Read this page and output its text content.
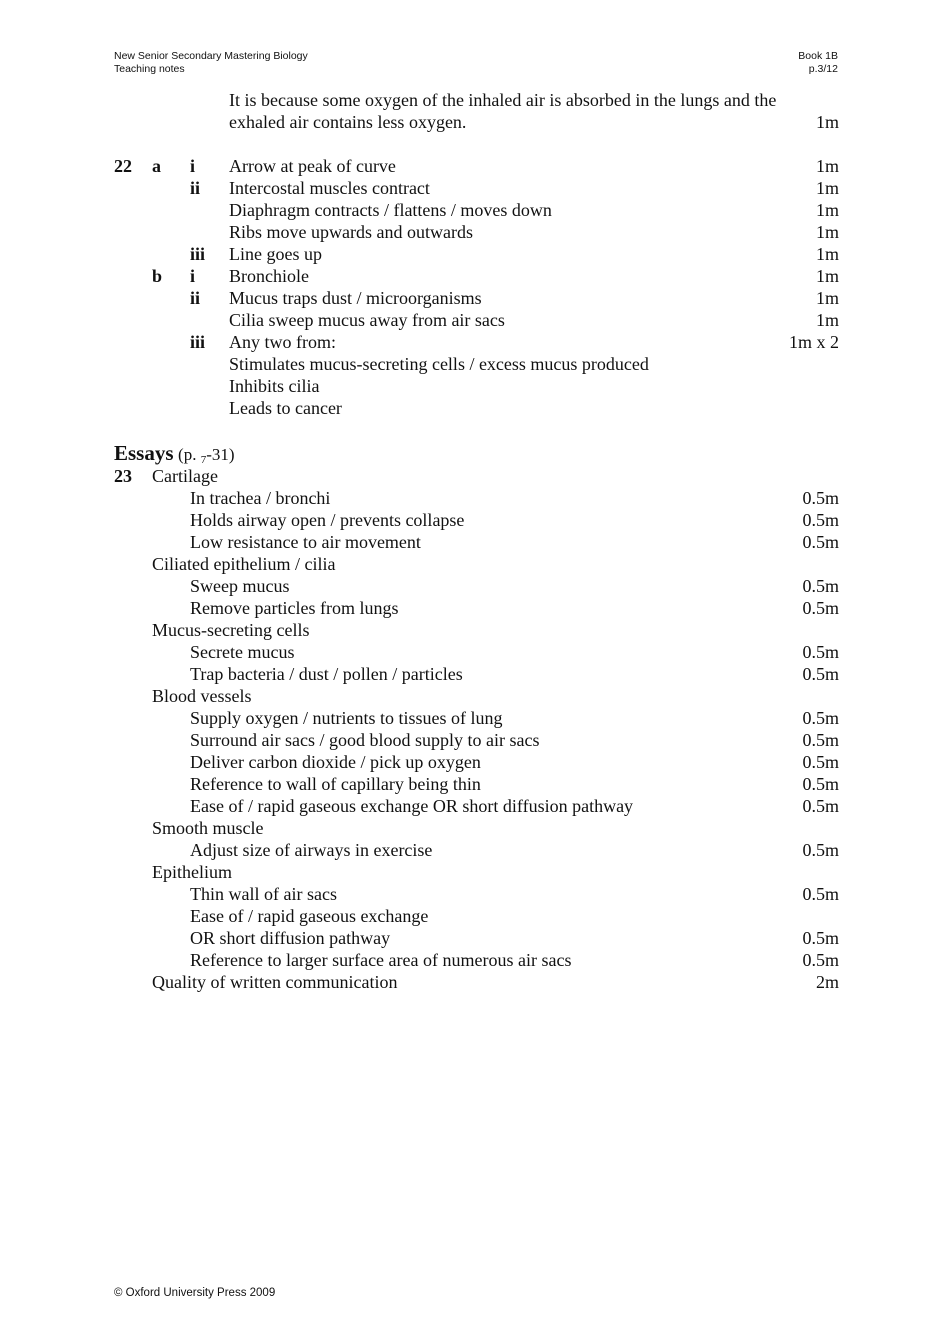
New Senior Secondary Mastering Biology
Teaching notes
Book 1B
p.3/12
It is because some oxygen of the inhaled air is absorbed in the lungs and the
exhaled air contains less oxygen.	1m
22 a i Arrow at peak of curve	1m
ii Intercostal muscles contract	1m
Diaphragm contracts / flattens / moves down	1m
Ribs move upwards and outwards	1m
iii Line goes up	1m
b i Bronchiole	1m
ii Mucus traps dust / microorganisms	1m
Cilia sweep mucus away from air sacs	1m
iii Any two from:	1m x 2
Stimulates mucus-secreting cells / excess mucus produced
Inhibits cilia
Leads to cancer
Essays (p. $_7$-31)
23 Cartilage
In trachea / bronchi	0.5m
Holds airway open / prevents collapse	0.5m
Low resistance to air movement	0.5m
Ciliated epithelium / cilia
Sweep mucus	0.5m
Remove particles from lungs	0.5m
Mucus-secreting cells
Secrete mucus	0.5m
Trap bacteria / dust / pollen / particles	0.5m
Blood vessels
Supply oxygen / nutrients to tissues of lung	0.5m
Surround air sacs / good blood supply to air sacs	0.5m
Deliver carbon dioxide / pick up oxygen	0.5m
Reference to wall of capillary being thin	0.5m
Ease of / rapid gaseous exchange OR short diffusion pathway	0.5m
Smooth muscle
Adjust size of airways in exercise	0.5m
Epithelium
Thin wall of air sacs	0.5m
Ease of / rapid gaseous exchange
OR short diffusion pathway	0.5m
Reference to larger surface area of numerous air sacs	0.5m
Quality of written communication	2m
© Oxford University Press 2009
